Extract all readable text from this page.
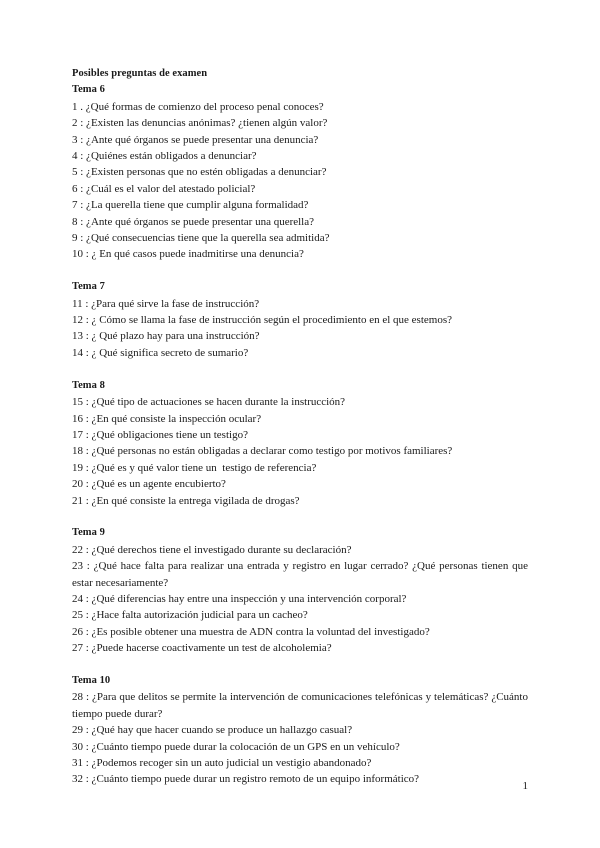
Posibles preguntas de examen
Tema 6
1 . ¿Qué formas de comienzo del proceso penal conoces?
2 : ¿Existen las denuncias anónimas? ¿tienen algún valor?
3 : ¿Ante qué órganos se puede presentar una denuncia?
4 : ¿Quiénes están obligados a denunciar?
5 : ¿Existen personas que no estén obligadas a denunciar?
6 : ¿Cuál es el valor del atestado policial?
7 : ¿La querella tiene que cumplir alguna formalidad?
8 : ¿Ante qué órganos se puede presentar una querella?
9 : ¿Qué consecuencias tiene que la querella sea admitida?
10 : ¿ En qué casos puede inadmitirse una denuncia?
Tema 7
11 : ¿Para qué sirve la fase de instrucción?
12 : ¿ Cómo se llama la fase de instrucción según el procedimiento en el que estemos?
13 : ¿ Qué plazo hay para una instrucción?
14 : ¿ Qué significa secreto de sumario?
Tema 8
15 : ¿Qué tipo de actuaciones se hacen durante la instrucción?
16 : ¿En qué consiste la inspección ocular?
17 : ¿Qué obligaciones tiene un testigo?
18 : ¿Qué personas no están obligadas a declarar como testigo por motivos familiares?
19 : ¿Qué es y qué valor tiene un  testigo de referencia?
20 : ¿Qué es un agente encubierto?
21 : ¿En qué consiste la entrega vigilada de drogas?
Tema 9
22 : ¿Qué derechos tiene el investigado durante su declaración?
23 : ¿Qué hace falta para realizar una entrada y registro en lugar cerrado? ¿Qué personas tienen que estar necesariamente?
24 : ¿Qué diferencias hay entre una inspección y una intervención corporal?
25 : ¿Hace falta autorización judicial para un cacheo?
26 : ¿Es posible obtener una muestra de ADN contra la voluntad del investigado?
27 : ¿Puede hacerse coactivamente un test de alcoholemia?
Tema 10
28 : ¿Para que delitos se permite la intervención de comunicaciones telefónicas y telemáticas? ¿Cuánto tiempo puede durar?
29 : ¿Qué hay que hacer cuando se produce un hallazgo casual?
30 : ¿Cuánto tiempo puede durar la colocación de un GPS en un vehículo?
31 : ¿Podemos recoger sin un auto judicial un vestigio abandonado?
32 : ¿Cuánto tiempo puede durar un registro remoto de un equipo informático?
1
